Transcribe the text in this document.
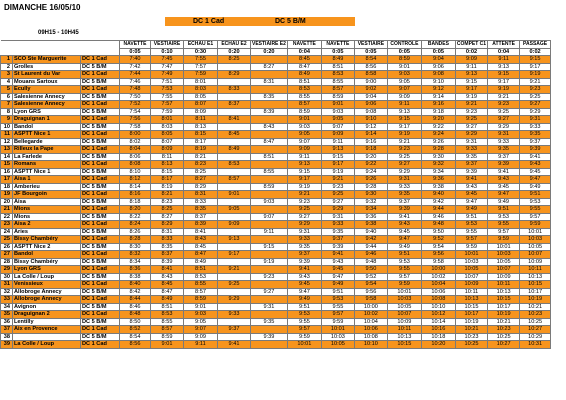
DIMANCHE 16/05/10
09H15 - 10H45
DC 1 Cad	DC 5 B/M
			NAVETTE	VESTIAIRE	ECHAU E1	ECHAU E2	VESTIAIRE E2	NAVETTE	NAVETTE	VESTIAIRE	CONTRÔLE	BANDES	COMPET C1	ATTENTE	PASSAGE
			0:05	0:10	0:30	0:20	0:20	0:04	0:05	0:05	0:05	0:05	0:02	0:04	0:02
1	SCO Ste Marguerite	DC 1 Cad	7:40	7:45	7:55	8:25		8:45	8:49	8:54	8:59	9:04	9:09	9:11	9:15
2	Grolles	DC 5 B/M	7:42	7:47	7:57		8:27	8:47	8:51	8:56	9:01	9:06	9:11	9:13	9:17
3	St Laurent du Var	DC 1 Cad	7:44	7:49	7:59	8:29		8:49	8:53	8:58	9:03	9:08	9:13	9:15	9:19
4	Mouans Sartoux	DC 5 B/M	7:46	7:51	8:01		8:31	8:51	8:55	9:00	9:05	9:10	9:15	9:17	9:21
5	Ecully	DC 1 Cad	7:48	7:53	8:03	8:33		8:53	8:57	9:02	9:07	9:12	9:17	9:19	9:23
6	Salesienne Annecy	DC 5 B/M	7:50	7:55	8:05		8:35	8:55	8:59	9:04	9:09	9:14	9:19	9:21	9:25
7	Salesienne Annecy	DC 1 Cad	7:52	7:57	8:07	8:37		8:57	9:01	9:06	9:11	9:16	9:21	9:23	9:27
8	Lyon GRS	DC 5 B/M	7:54	7:59	8:09		8:39	8:59	9:03	9:08	9:13	9:18	9:23	9:25	9:29
9	Draguignan 1	DC 1 Cad	7:56	8:01	8:11	8:41		9:01	9:05	9:10	9:15	9:20	9:25	9:27	9:31
10	Bandol	DC 5 B/M	7:58	8:03	8:13		8:43	9:03	9:07	9:12	9:17	9:22	9:27	9:29	9:33
11	ASPTT Nice 1	DC 1 Cad	8:00	8:05	8:15	8:45		9:05	9:09	9:14	9:19	9:24	9:29	9:31	9:35
12	Bellegarde	DC 5 B/M	8:02	8:07	8:17		8:47	9:07	9:11	9:16	9:21	9:26	9:31	9:33	9:37
13	Rilleux la Pape	DC 1 Cad	8:04	8:09	8:19	8:49		9:09	9:13	9:18	9:23	9:28	9:33	9:35	9:39
14	La Farlede	DC 5 B/M	8:06	8:11	8:21		8:51	9:11	9:15	9:20	9:25	9:30	9:35	9:37	9:41
15	Romans	DC 1 Cad	8:08	8:13	8:23	8:53		9:13	9:17	9:22	9:27	9:32	9:37	9:39	9:43
16	ASPTT Nice 1	DC 5 B/M	8:10	8:15	8:25		8:55	9:15	9:19	9:24	9:29	9:34	9:39	9:41	9:45
17	Aisa 1	DC 1 Cad	8:12	8:17	8:27	8:57		9:17	9:21	9:26	9:31	9:36	9:41	9:43	9:47
18	Amberieu	DC 5 B/M	8:14	8:19	8:29		8:59	9:19	9:23	9:28	9:33	9:38	9:43	9:45	9:49
19	JF Bourgoin	DC 1 Cad	8:16	8:21	8:31	9:01		9:21	9:25	9:30	9:35	9:40	9:45	9:47	9:51
20	Aisa	DC 5 B/M	8:18	8:23	8:33		9:03	9:23	9:27	9:32	9:37	9:42	9:47	9:49	9:53
21	Mions	DC 1 Cad	8:20	8:25	8:35	9:05		9:25	9:29	9:34	9:39	9:44	9:49	9:51	9:55
22	Mions	DC 5 B/M	8:22	8:27	8:37		9:07	9:27	9:31	9:36	9:41	9:46	9:51	9:53	9:57
23	Aisa 2	DC 1 Cad	8:24	8:29	8:39	9:09		9:29	9:33	9:38	9:43	9:48	9:53	9:55	9:59
24	Aries	DC 5 B/M	8:26	8:31	8:41		9:11	9:31	9:35	9:40	9:45	9:50	9:55	9:57	10:01
25	Bissy Chambéry	DC 1 Cad	8:28	8:33	8:43	9:13		9:33	9:37	9:42	9:47	9:52	9:57	9:59	10:03
26	ASPTT Nice 2	DC 5 B/M	8:30	8:35	8:45		9:15	9:35	9:39	9:44	9:49	9:54	9:59	10:01	10:05
27	Bandol	DC 1 Cad	8:32	8:37	8:47	9:17		9:37	9:41	9:46	9:51	9:56	10:01	10:03	10:07
28	Bissy Chambéry	DC 5 B/M	8:34	8:39	8:49		9:19	9:39	9:43	9:48	9:53	9:58	10:03	10:05	10:09
29	Lyon GRS	DC 1 Cad	8:36	8:41	8:51	9:21		9:41	9:45	9:50	9:55	10:00	10:05	10:07	10:11
30	La Colle / Loup	DC 5 B/M	8:38	8:43	8:53		9:23	9:43	9:47	9:52	9:57	10:02	10:07	10:09	10:13
31	Venissieux	DC 1 Cad	8:40	8:45	8:55	9:25		9:45	9:49	9:54	9:59	10:04	10:09	10:11	10:15
32	Allobroge Annecy	DC 5 B/M	8:42	8:47	8:57		9:27	9:47	9:51	9:56	10:01	10:06	10:11	10:13	10:17
33	Allobroge Annecy	DC 1 Cad	8:44	8:49	8:59	9:29		9:49	9:53	9:58	10:03	10:08	10:13	10:15	10:19
34	Avignon	DC 5 B/M	8:46	8:51	9:01		9:31	9:51	9:55	10:00	10:05	10:10	10:15	10:17	10:21
35	Draguignan 2	DC 1 Cad	8:48	8:53	9:03	9:33		9:53	9:57	10:02	10:07	10:12	10:17	10:19	10:23
36	Lentilly	DC 5 B/M	8:50	8:55	9:05		9:35	9:55	9:59	10:04	10:09	10:14	10:19	10:21	10:25
37	Aix en Provence	DC 1 Cad	8:52	8:57	9:07	9:37		9:57	10:01	10:06	10:11	10:16	10:21	10:23	10:27
38		DC 5 B/M	8:54	8:59	9:09		9:39	9:59	10:03	10:08	10:13	10:18	10:23	10:25	10:29
39	La Colle / Loup	DC 1 Cad	8:56	9:01	9:11	9:41		10:01	10:05	10:10	10:15	10:20	10:25	10:27	10:31
